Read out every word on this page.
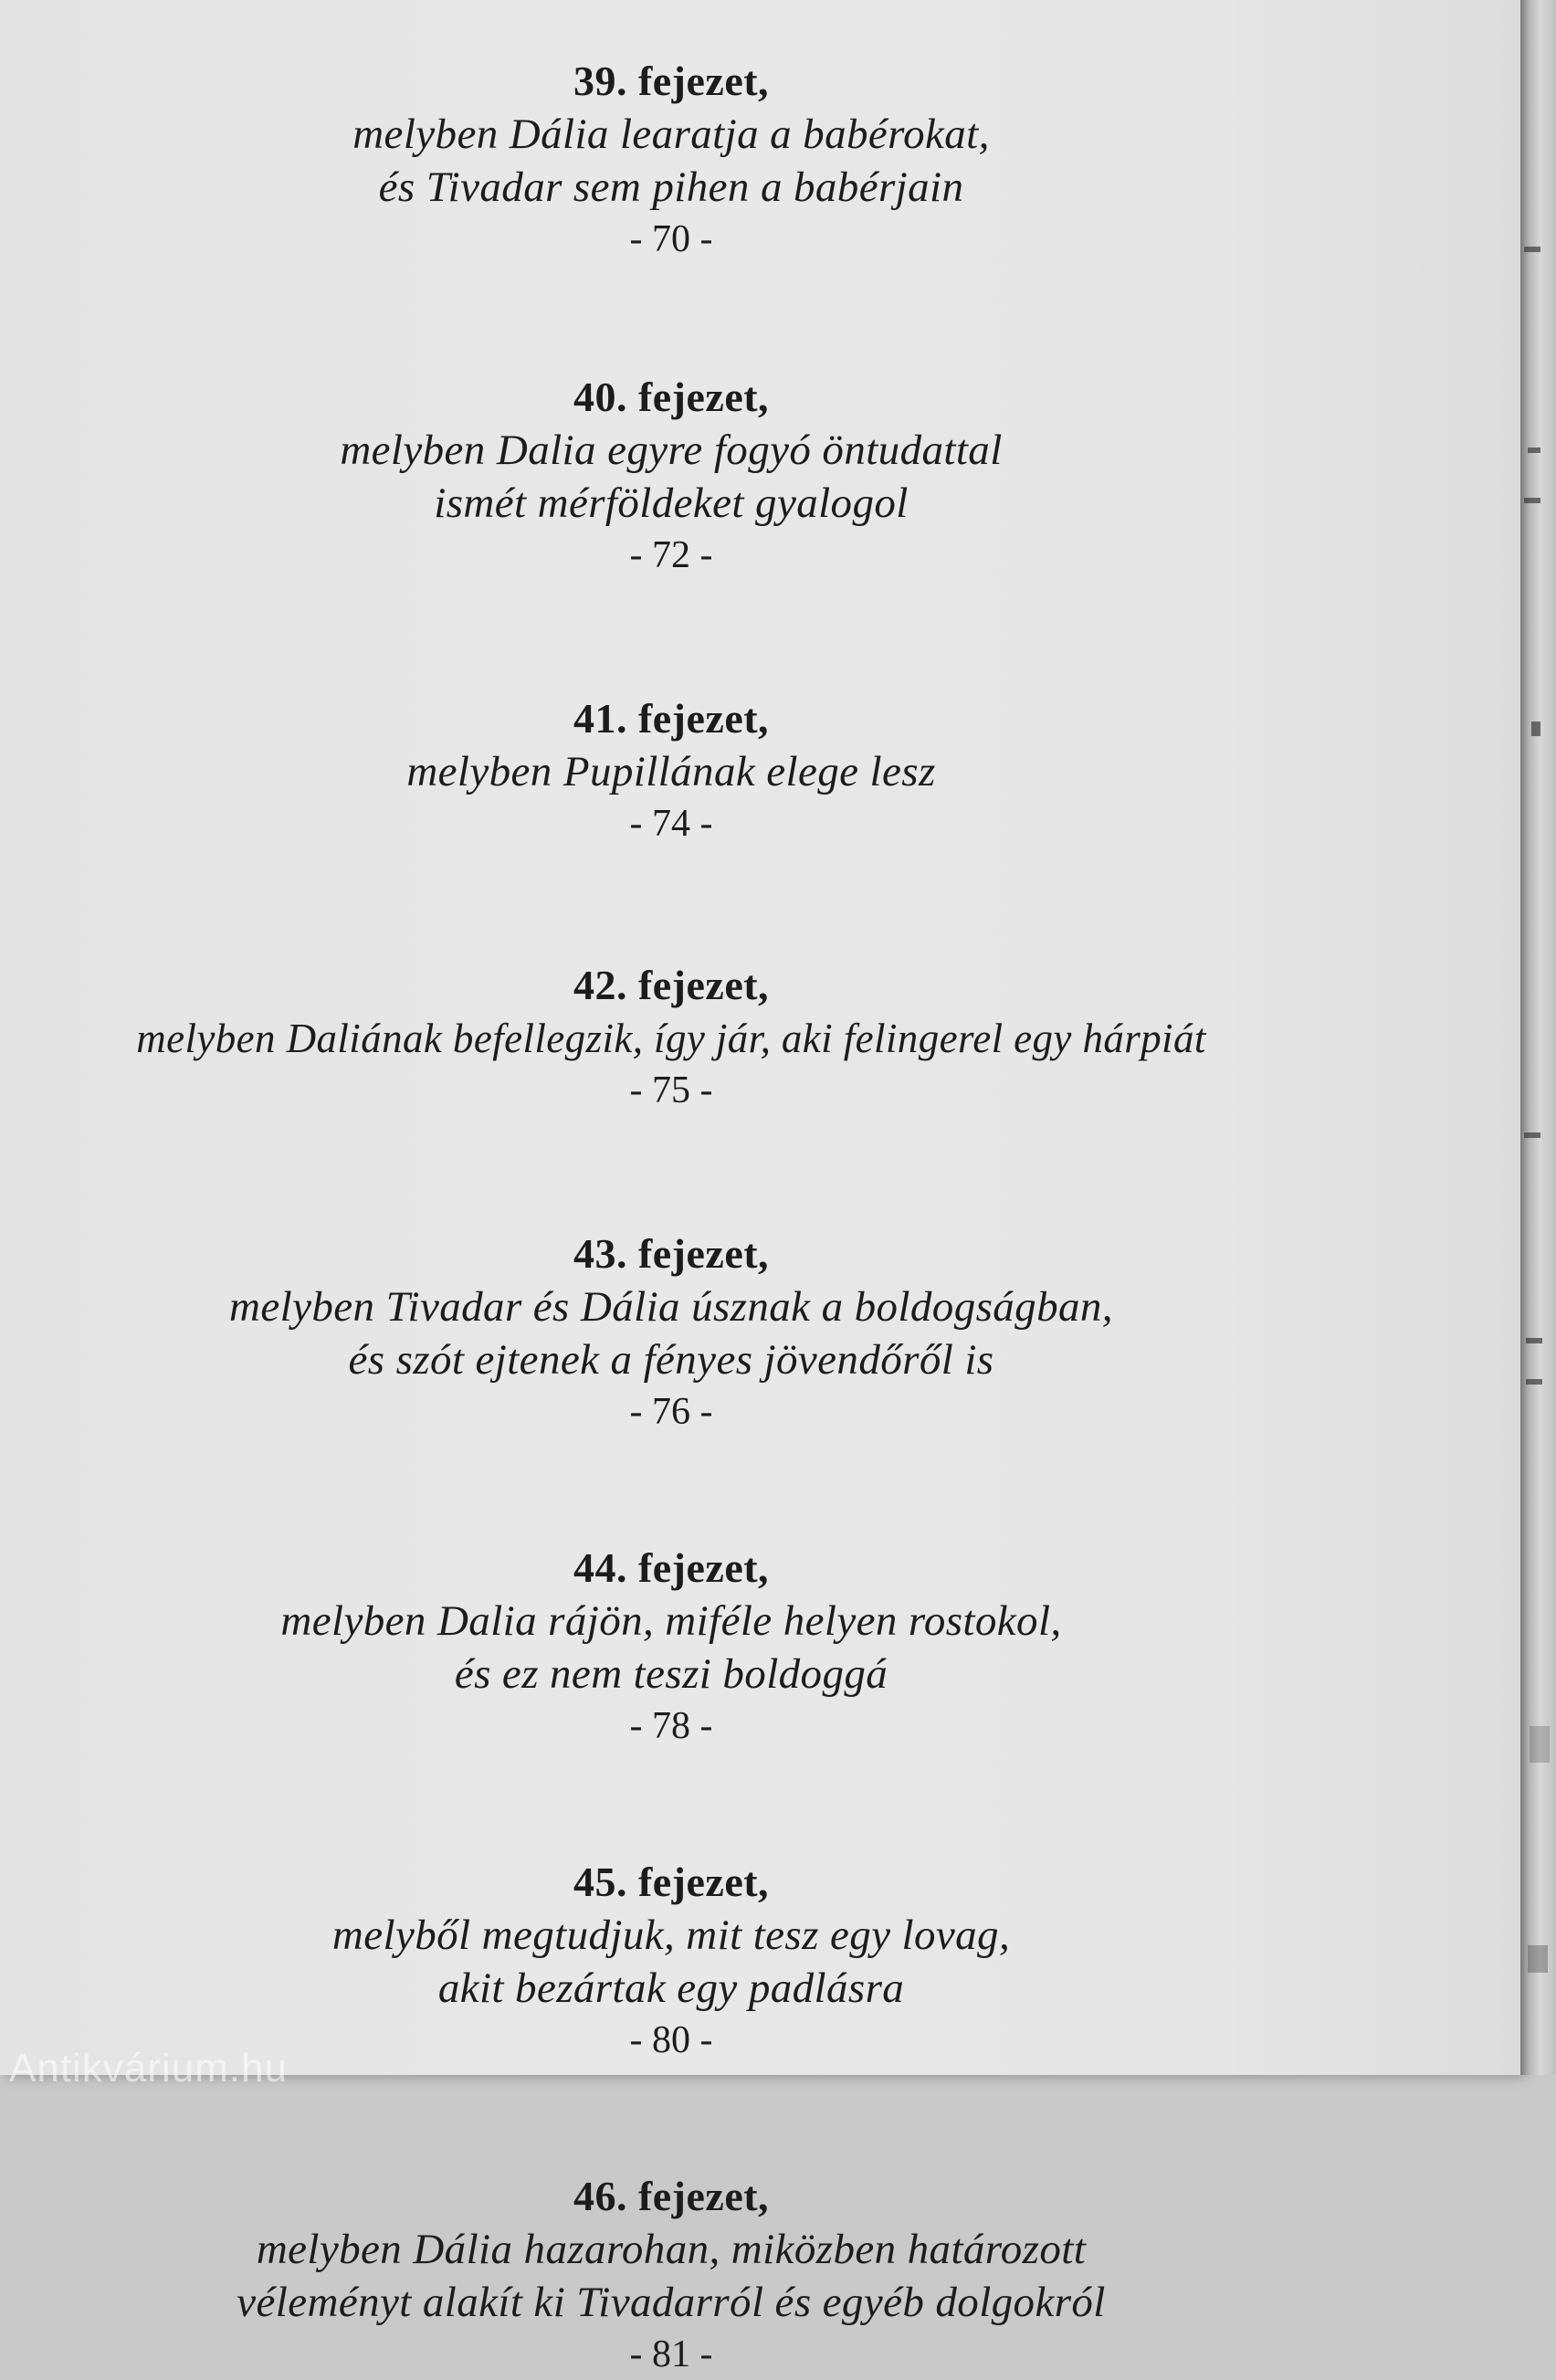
39. fejezet,
melyben Dália learatja a babérokat,
és Tivadar sem pihen a babérjain
- 70 -
40. fejezet,
melyben Dalia egyre fogyó öntudattal
ismét mérföldeket gyalogol
- 72 -
41. fejezet,
melyben Pupillának elege lesz
- 74 -
42. fejezet,
melyben Daliának befellegzik, így jár, aki felingerel egy hárpiát
- 75 -
43. fejezet,
melyben Tivadar és Dália úsznak a boldogságban,
és szót ejtenek a fényes jövendőről is
- 76 -
44. fejezet,
melyben Dalia rájön, miféle helyen rostokol,
és ez nem teszi boldoggá
- 78 -
45. fejezet,
melyből megtudjuk, mit tesz egy lovag,
akit bezártak egy padlásra
- 80 -
46. fejezet,
melyben Dália hazarohan, miközben határozott
véleményt alakít ki Tivadarról és egyéb dolgokról
- 81 -
Antikvárium.hu
